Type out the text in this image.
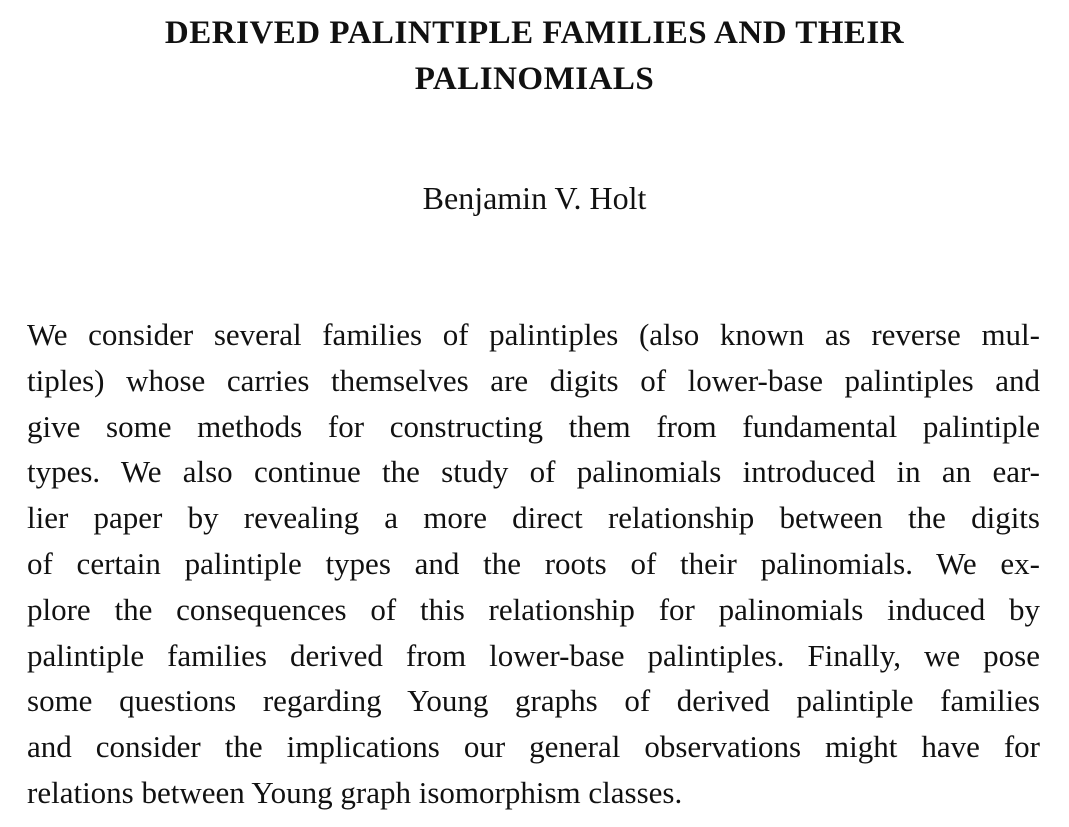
DERIVED PALINTIPLE FAMILIES AND THEIR
PALINOMIALS

Benjamin V. Holt

We consider several families of palintiples (also known as reverse mul-
tiples) whose carries themselves are digits of lower-base palintiples and
give some methods for constructing them from fundamental palintiple
types. We also continue the study of palinomials introduced in an ear-
lier paper by revealing a more direct relationship between the digits
of certain palintiple types and the roots of their palinomials. We ex-
plore the consequences of this relationship for palinomials induced by
palintiple families derived from lower-base palintiples. Finally, we pose
some questions regarding Young graphs of derived palintiple families
and consider the implications our general observations might have for
relations between Young graph isomorphism classes.
